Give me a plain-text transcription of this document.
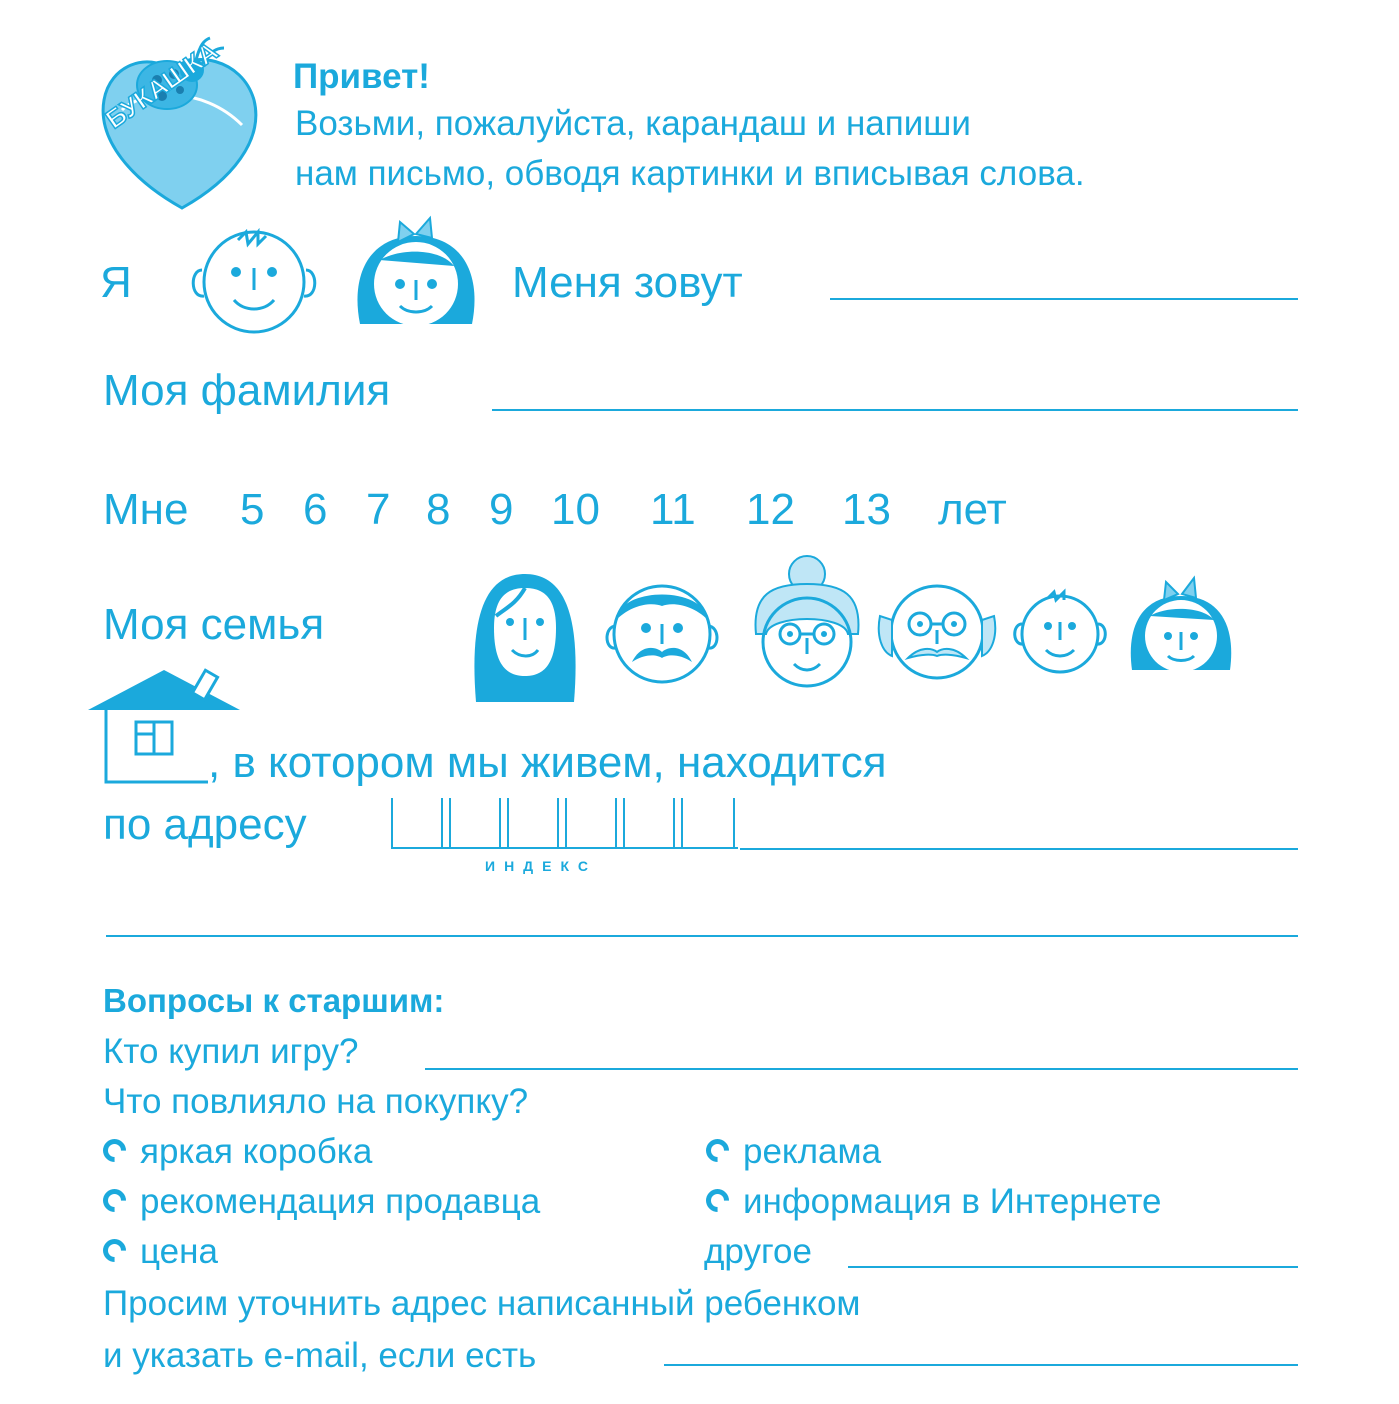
БУКАШКА Привет!
Возьми, пожалуйста, карандаш и напиши
нам письмо, обводя картинки и вписывая слова.
Я	Меня зовут
Моя фамилия
Мне 5 6 7 8 9 10 11 12 13 лет
Моя семья
, в котором мы живем, находится
по адресу
ИНДЕКС
Вопросы к старшим:
Кто купил игру?
Что повлияло на покупку?
яркая коробка
рекомендация продавца
цена
реклама
информация в Интернете
другое
Просим уточнить адрес написанный ребенком
и указать e-mail, если есть
